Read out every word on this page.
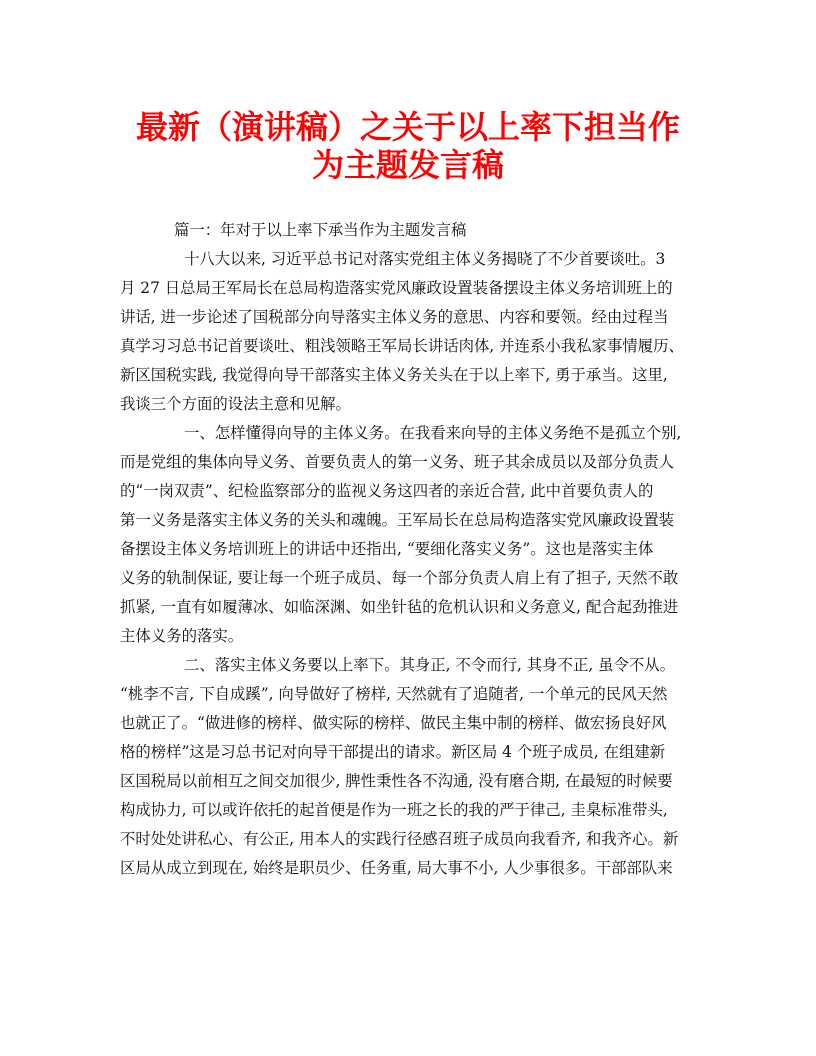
最新（演讲稿）之关于以上率下担当作
为主题发言稿
篇一：年对于以上率下承当作为主题发言稿
十八大以来, 习近平总书记对落实党组主体义务揭晓了不少首要谈吐。3
月 27 日总局王军局长在总局构造落实党风廉政设置装备摆设主体义务培训班上的
讲话, 进一步论述了国税部分向导落实主体义务的意思、内容和要领。经由过程当
真学习习总书记首要谈吐、粗浅领略王军局长讲话肉体, 并连系小我私家事情履历、
新区国税实践, 我觉得向导干部落实主体义务关头在于以上率下, 勇于承当。这里,
我谈三个方面的设法主意和见解。
一、怎样懂得向导的主体义务。在我看来向导的主体义务绝不是孤立个别,
而是党组的集体向导义务、首要负责人的第一义务、班子其余成员以及部分负责人
的“一岗双责”、纪检监察部分的监视义务这四者的亲近合营, 此中首要负责人的
第一义务是落实主体义务的关头和魂魄。王军局长在总局构造落实党风廉政设置装
备摆设主体义务培训班上的讲话中还指出, “要细化落实义务”。这也是落实主体
义务的轨制保证, 要让每一个班子成员、每一个部分负责人肩上有了担子, 天然不敢
抓紧, 一直有如履薄冰、如临深渊、如坐针毡的危机认识和义务意义, 配合起劲推进
主体义务的落实。
二、落实主体义务要以上率下。其身正, 不令而行, 其身不正, 虽令不从。
“桃李不言, 下自成蹊”, 向导做好了榜样, 天然就有了追随者, 一个单元的民风天然
也就正了。“做进修的榜样、做实际的榜样、做民主集中制的榜样、做宏扬良好风
格的榜样”这是习总书记对向导干部提出的请求。新区局 4 个班子成员, 在组建新
区国税局以前相互之间交加很少, 脾性秉性各不沟通, 没有磨合期, 在最短的时候要
构成协力, 可以或许依托的起首便是作为一班之长的我的严于律己, 圭臬标准带头,
不时处处讲私心、有公正, 用本人的实践行径感召班子成员向我看齐, 和我齐心。新
区局从成立到现在, 始终是职员少、任务重, 局大事不小, 人少事很多。干部部队来
